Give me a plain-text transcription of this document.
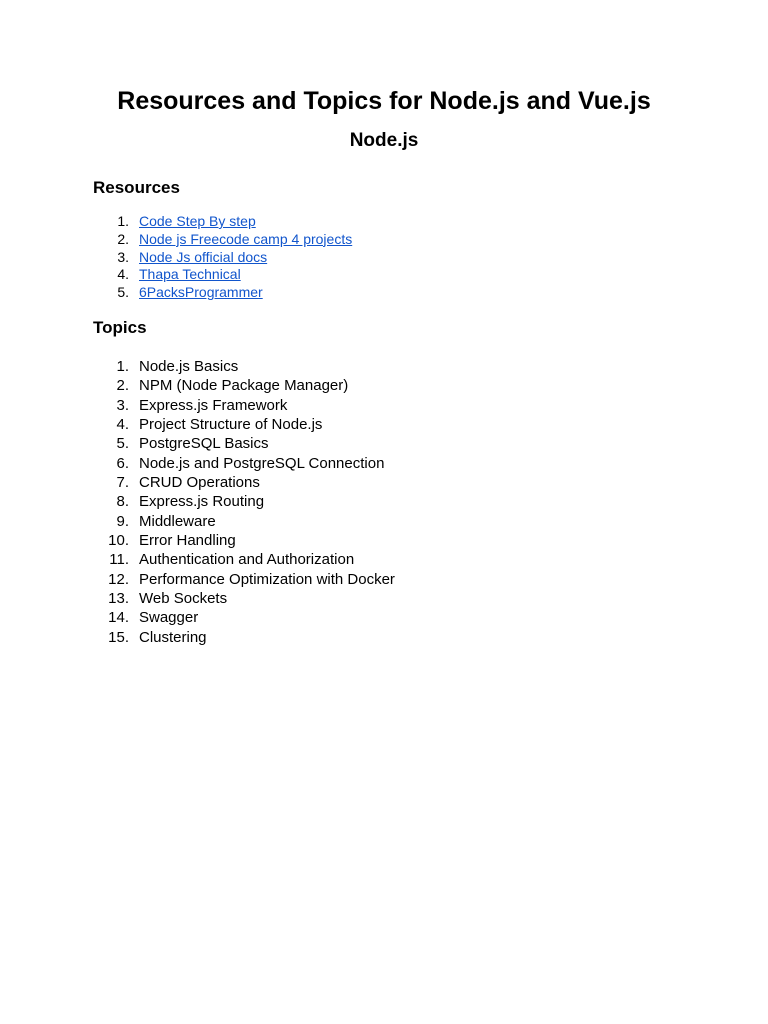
Resources and Topics for Node.js and Vue.js
Node.js
Resources
1. Code Step By step
2. Node js Freecode camp 4 projects
3. Node Js official docs
4. Thapa Technical
5. 6PacksProgrammer
Topics
1. Node.js Basics
2. NPM (Node Package Manager)
3. Express.js Framework
4. Project Structure of Node.js
5. PostgreSQL Basics
6. Node.js and PostgreSQL Connection
7. CRUD Operations
8. Express.js Routing
9. Middleware
10. Error Handling
11. Authentication and Authorization
12. Performance Optimization with Docker
13. Web Sockets
14. Swagger
15. Clustering
